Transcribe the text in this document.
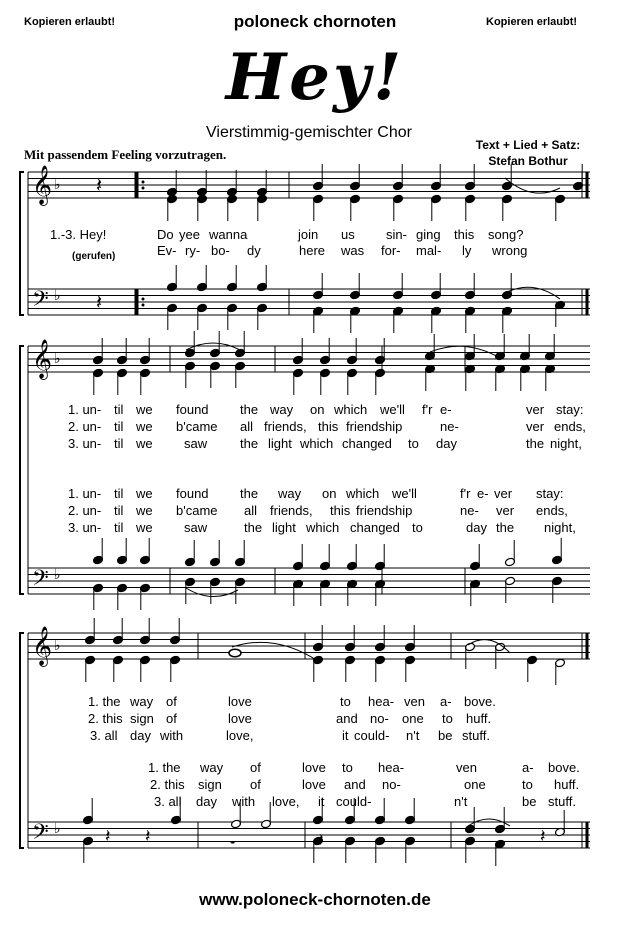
Kopieren erlaubt!	poloneck chornoten	Kopieren erlaubt!
Hey!
Vierstimmig-gemischter Chor
Text + Lied + Satz:
Stefan Bothur
Mit passendem Feeling vorzutragen.
𝄞
𝄢
♭
♭
𝄽
𝄽
𝄞
𝄢
♭
♭
𝄞
𝄢
♭
♭ 𝄽 𝄽	𝄻	𝄽	𝄽
1.-3. Hey!	Do yee wanna	join us sin- ging this song?
(gerufen)	Ev- ry- bo- dy	here was for- mal- ly wrong
1. un- til we found the way on which we'll f'r e-	ver stay:
2. un- til we b'came all friends, this friendship	ne-	ver ends,
3. un- til we saw	the light which changed to day	the night,
1. un- til we found the way on which we'll	f'r e- ver stay:
2. un- til we b'came all friends, this friendship	ne- ver ends,
3. un- til we saw	the light which changed to	day the night,
1. the way of	love	to hea- ven a- bove.
2. this sign of	love	and no- one to huff.
3. all day with	love,	it could- n't be stuff.
1. the way of	love to hea-	ven	a- bove.
2. this sign of	love and no-	one	to huff.
3. all day with love, it could-	n't	be stuff.
www.poloneck-chornoten.de
